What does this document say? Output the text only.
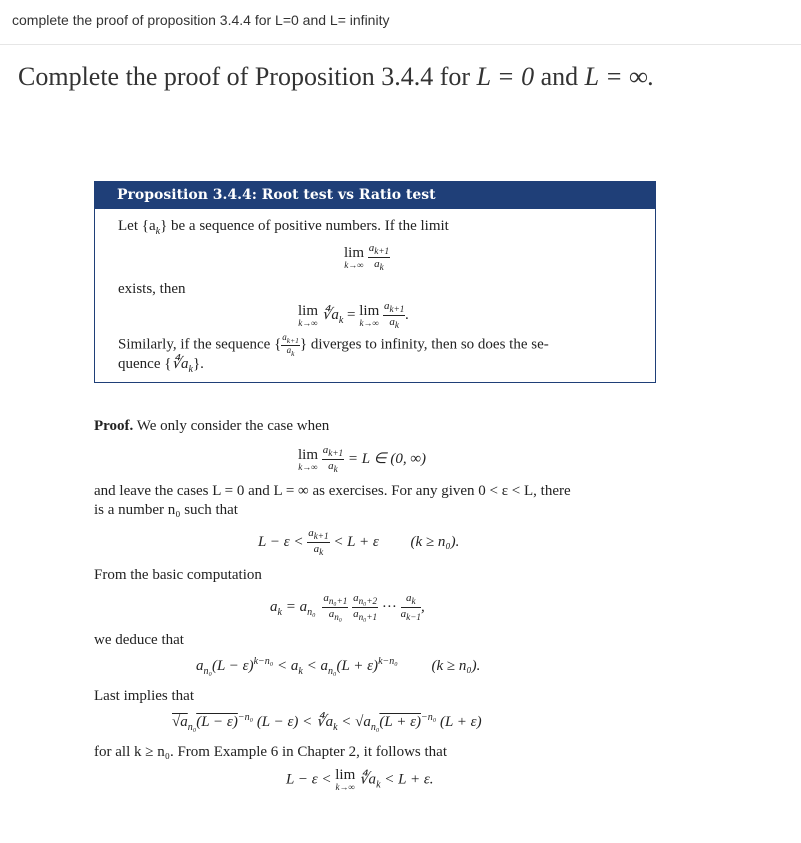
complete the proof of proposition 3.4.4 for L=0 and L= infinity
Complete the proof of Proposition 3.4.4 for L = 0 and L = ∞.
Proposition 3.4.4: Root test vs Ratio test
Let $\{a_k\}$ be a sequence of positive numbers. If the limit
lim
k→∞
$\frac{a_{k+1}}{a_k}$
exists, then
lim
k→∞ $∜a_k = \lim$
k→∞
$\frac{a_{k+1}}{a_k}$ .
Similarly, if the sequence { $\frac{a_{k+1}}{a_k}$ } diverges to infinity, then so does the se-
quence $\{∜a_k\}$.
Proof. We only consider the case when
lim
k→∞
$\frac{a_{k+1}}{a_k} = L$ ∈ (0, ∞)
and leave the cases L = 0 and L = ∞ as exercises. For any given 0 < ε < L, there
is a number n₀ such that
$L - \varepsilon < \frac{a_{k+1}}{a_k} < L + \varepsilon$ (k ≥ n₀).
From the basic computation
$a_k = a_{n_0} \frac{a_{n_0+1}}{a_{n_0}}$
$\frac{a_{n_0+2}}{a_{n_0+1}}$ ··· $\frac{a_k}{a_{k-1}}$ ,
we deduce that
$a_{n_0}(L - \varepsilon)^{k-n_0} < a_k < a_{n_0}(L + \varepsilon)^{k-n_0}$ (k ≥ n₀).
Last implies that
$√a_{n_0}(L - \varepsilon)^{-n_0}$ $(L - \varepsilon) < ∜a_k < √a_{n_0}(L + \varepsilon)^{-n_0}$ (L + ε)
for all k ≥ n₀. From Example 6 in Chapter 2, it follows that
L − ε < lim
k→∞ $∜a_k < L + \varepsilon$.
